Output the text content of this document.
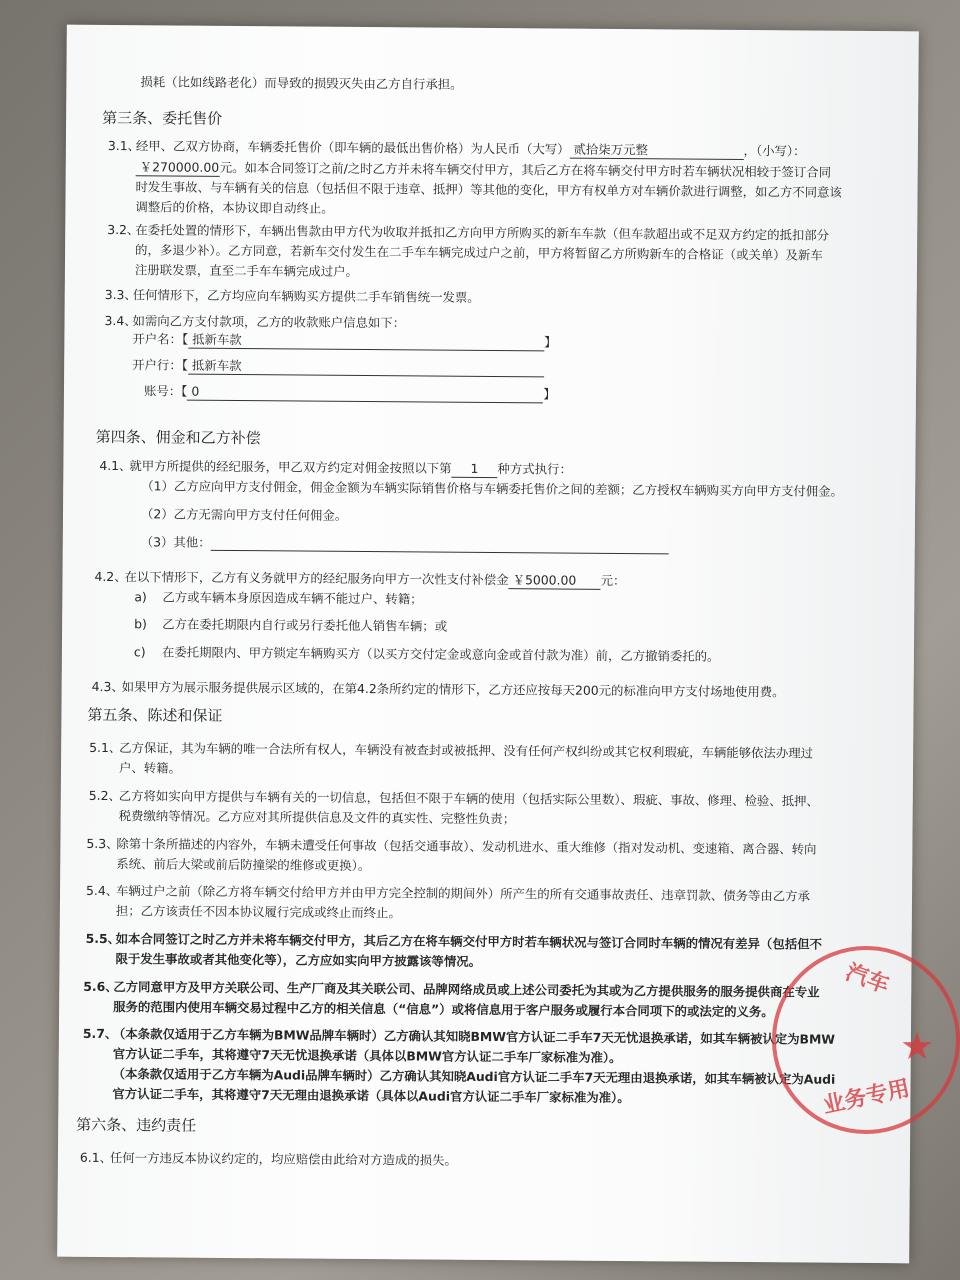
损耗（比如线路老化）而导致的损毁灭失由乙方自行承担。
第三条、委托售价
3.1、
经甲、乙双方协商，车辆委托售价（即车辆的最低出售价格）为人民币（大写） 贰拾柒万元整	，（小写）：
￥270000.00元。如本合同签订之前/之时乙方并未将车辆交付甲方，其后乙方在将车辆交付甲方时若车辆状况相较于签订合同
时发生事故、与车辆有关的信息（包括但不限于违章、抵押）等其他的变化，甲方有权单方对车辆价款进行调整，如乙方不同意该
调整后的价格，本协议即自动终止。
3.2、
在委托处置的情形下，车辆出售款由甲方代为收取并抵扣乙方向甲方所购买的新车车款（但车款超出或不足双方约定的抵扣部分
的，多退少补）。乙方同意，若新车交付发生在二手车车辆完成过户之前，甲方将暂留乙方所购新车的合格证（或关单）及新车
注册联发票，直至二手车车辆完成过户。
3.3、
任何情形下，乙方均应向车辆购买方提供二手车销售统一发票。
3.4、
如需向乙方支付款项，乙方的收款账户信息如下：
开户名：【 抵新车款	】
开户行：【 抵新车款
账号：【 0	】
第四条、佣金和乙方补偿
4.1、
就甲方所提供的经纪服务，甲乙双方约定对佣金按照以下第 1 种方式执行：
（1）乙方应向甲方支付佣金，佣金金额为车辆实际销售价格与车辆委托售价之间的差额；乙方授权车辆购买方向甲方支付佣金。
（2）乙方无需向甲方支付任何佣金。
（3）其他：
4.2、
在以下情形下，乙方有义务就甲方的经纪服务向甲方一次性支付补偿金 ￥5000.00 元：
a) 乙方或车辆本身原因造成车辆不能过户、转籍；
b) 乙方在委托期限内自行或另行委托他人销售车辆；或
c) 在委托期限内、甲方锁定车辆购买方（以买方交付定金或意向金或首付款为准）前，乙方撤销委托的。
4.3、
如果甲方为展示服务提供展示区域的，在第4.2条所约定的情形下，乙方还应按每天200元的标准向甲方支付场地使用费。
第五条、陈述和保证
5.1、
乙方保证，其为车辆的唯一合法所有权人，车辆没有被查封或被抵押、没有任何产权纠纷或其它权利瑕疵，车辆能够依法办理过
户、转籍。
5.2、
乙方将如实向甲方提供与车辆有关的一切信息，包括但不限于车辆的使用（包括实际公里数）、瑕疵、事故、修理、检验、抵押、
税费缴纳等情况。乙方应对其所提供信息及文件的真实性、完整性负责；
5.3、
除第十条所描述的内容外，车辆未遭受任何事故（包括交通事故）、发动机进水、重大维修（指对发动机、变速箱、离合器、转向
系统、前后大梁或前后防撞梁的维修或更换）。
5.4、
车辆过户之前（除乙方将车辆交付给甲方并由甲方完全控制的期间外）所产生的所有交通事故责任、违章罚款、债务等由乙方承
担；乙方该责任不因本协议履行完成或终止而终止。
5.5、
如本合同签订之时乙方并未将车辆交付甲方，其后乙方在将车辆交付甲方时若车辆状况与签订合同时车辆的情况有差异（包括但不
限于发生事故或者其他变化等），乙方应如实向甲方披露该等情况。
5.6、
乙方同意甲方及甲方关联公司、生产厂商及其关联公司、品牌网络成员或上述公司委托为其或为乙方提供服务的服务提供商在专业
服务的范围内使用车辆交易过程中乙方的相关信息（“信息”）或将信息用于客户服务或履行本合同项下的或法定的义务。
5.7、
（本条款仅适用于乙方车辆为BMW品牌车辆时）乙方确认其知晓BMW官方认证二手车7天无忧退换承诺，如其车辆被认定为BMW
官方认证二手车，其将遵守7天无忧退换承诺（具体以BMW官方认证二手车厂家标准为准）。
（本条款仅适用于乙方车辆为Audi品牌车辆时）乙方确认其知晓Audi官方认证二手车7天无理由退换承诺，如其车辆被认定为Audi
官方认证二手车，其将遵守7天无理由退换承诺（具体以Audi官方认证二手车厂家标准为准）。
第六条、违约责任
6.1、
任何一方违反本协议约定的，均应赔偿由此给对方造成的损失。
汽车
★
业务专用
